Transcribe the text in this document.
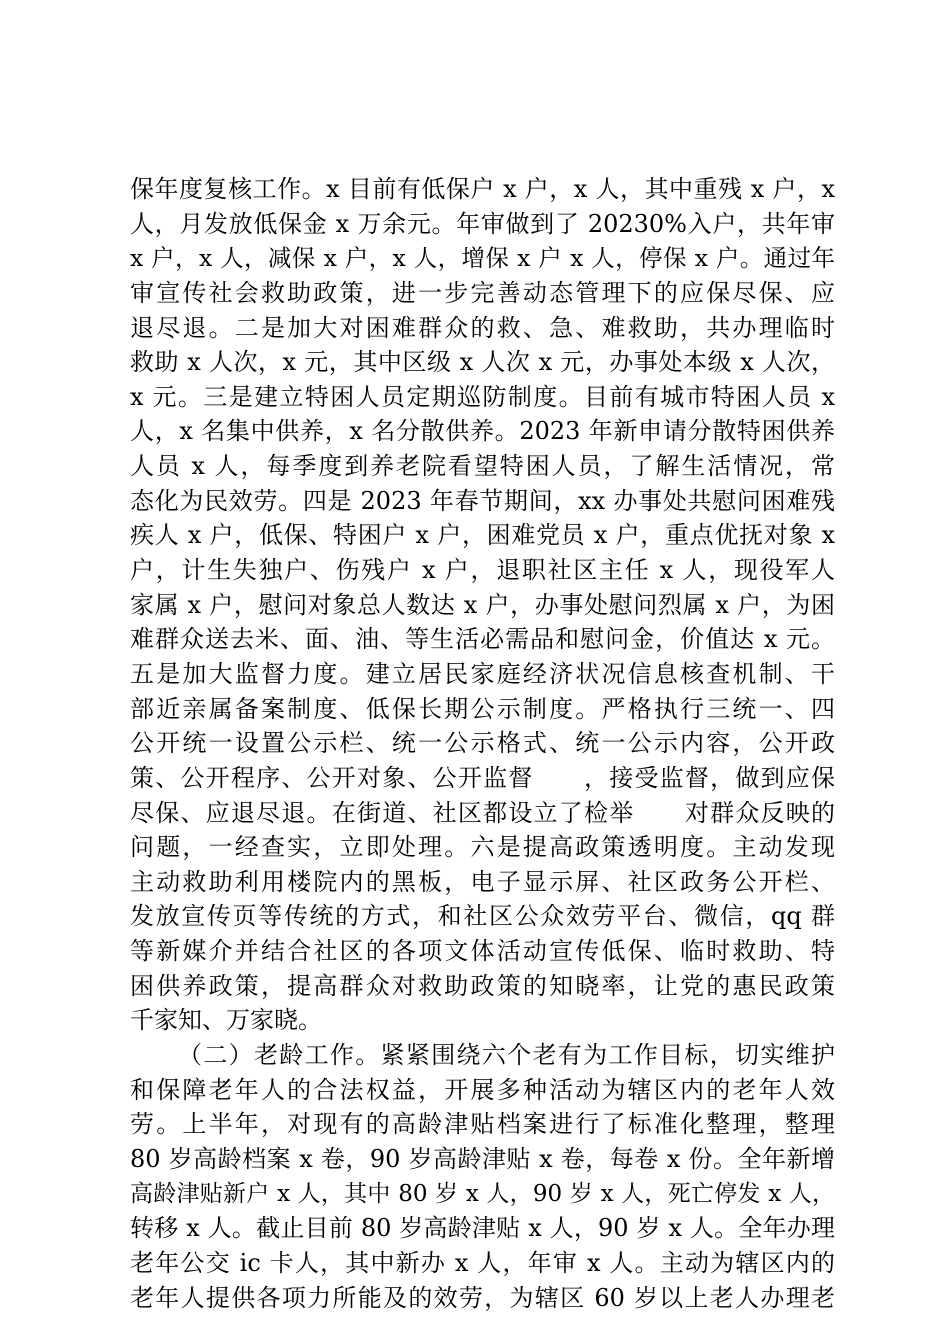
保年度复核工作。x 目前有低保户 x 户，x 人，其中重残 x 户，x
人，月发放低保金 x 万余元。年审做到了 20230%入户，共年审
x 户，x 人，减保 x 户，x 人，增保 x 户 x 人，停保 x 户。通过年
审宣传社会救助政策，进一步完善动态管理下的应保尽保、应
退尽退。二是加大对困难群众的救、急、难救助，共办理临时
救助 x 人次，x 元，其中区级 x 人次 x 元，办事处本级 x 人次，
x 元。三是建立特困人员定期巡防制度。目前有城市特困人员 x
人，x 名集中供养，x 名分散供养。2023 年新申请分散特困供养
人员 x 人，每季度到养老院看望特困人员，了解生活情况，常
态化为民效劳。四是 2023 年春节期间，xx 办事处共慰问困难残
疾人 x 户，低保、特困户 x 户，困难党员 x 户，重点优抚对象 x
户，计生失独户、伤残户 x 户，退职社区主任 x 人，现役军人
家属 x 户，慰问对象总人数达 x 户，办事处慰问烈属 x 户，为困
难群众送去米、面、油、等生活必需品和慰问金，价值达 x 元。
五是加大监督力度。建立居民家庭经济状况信息核查机制、干
部近亲属备案制度、低保长期公示制度。严格执行三统一、四
公开统一设置公示栏、统一公示格式、统一公示内容，公开政
策、公开程序、公开对象、公开监督　　，接受监督，做到应保
尽保、应退尽退。在街道、社区都设立了检举　　对群众反映的
问题，一经查实，立即处理。六是提高政策透明度。主动发现
主动救助利用楼院内的黑板，电子显示屏、社区政务公开栏、
发放宣传页等传统的方式，和社区公众效劳平台、微信，qq 群
等新媒介并结合社区的各项文体活动宣传低保、临时救助、特
困供养政策，提高群众对救助政策的知晓率，让党的惠民政策
千家知、万家晓。
（二）老龄工作。紧紧围绕六个老有为工作目标，切实维护
和保障老年人的合法权益，开展多种活动为辖区内的老年人效
劳。上半年，对现有的高龄津贴档案进行了标准化整理，整理
80 岁高龄档案 x 卷，90 岁高龄津贴 x 卷，每卷 x 份。全年新增
高龄津贴新户 x 人，其中 80 岁 x 人，90 岁 x 人，死亡停发 x 人，
转移 x 人。截止目前 80 岁高龄津贴 x 人，90 岁 x 人。全年办理
老年公交 ic 卡人，其中新办 x 人，年审 x 人。主动为辖区内的
老年人提供各项力所能及的效劳，为辖区 60 岁以上老人办理老
